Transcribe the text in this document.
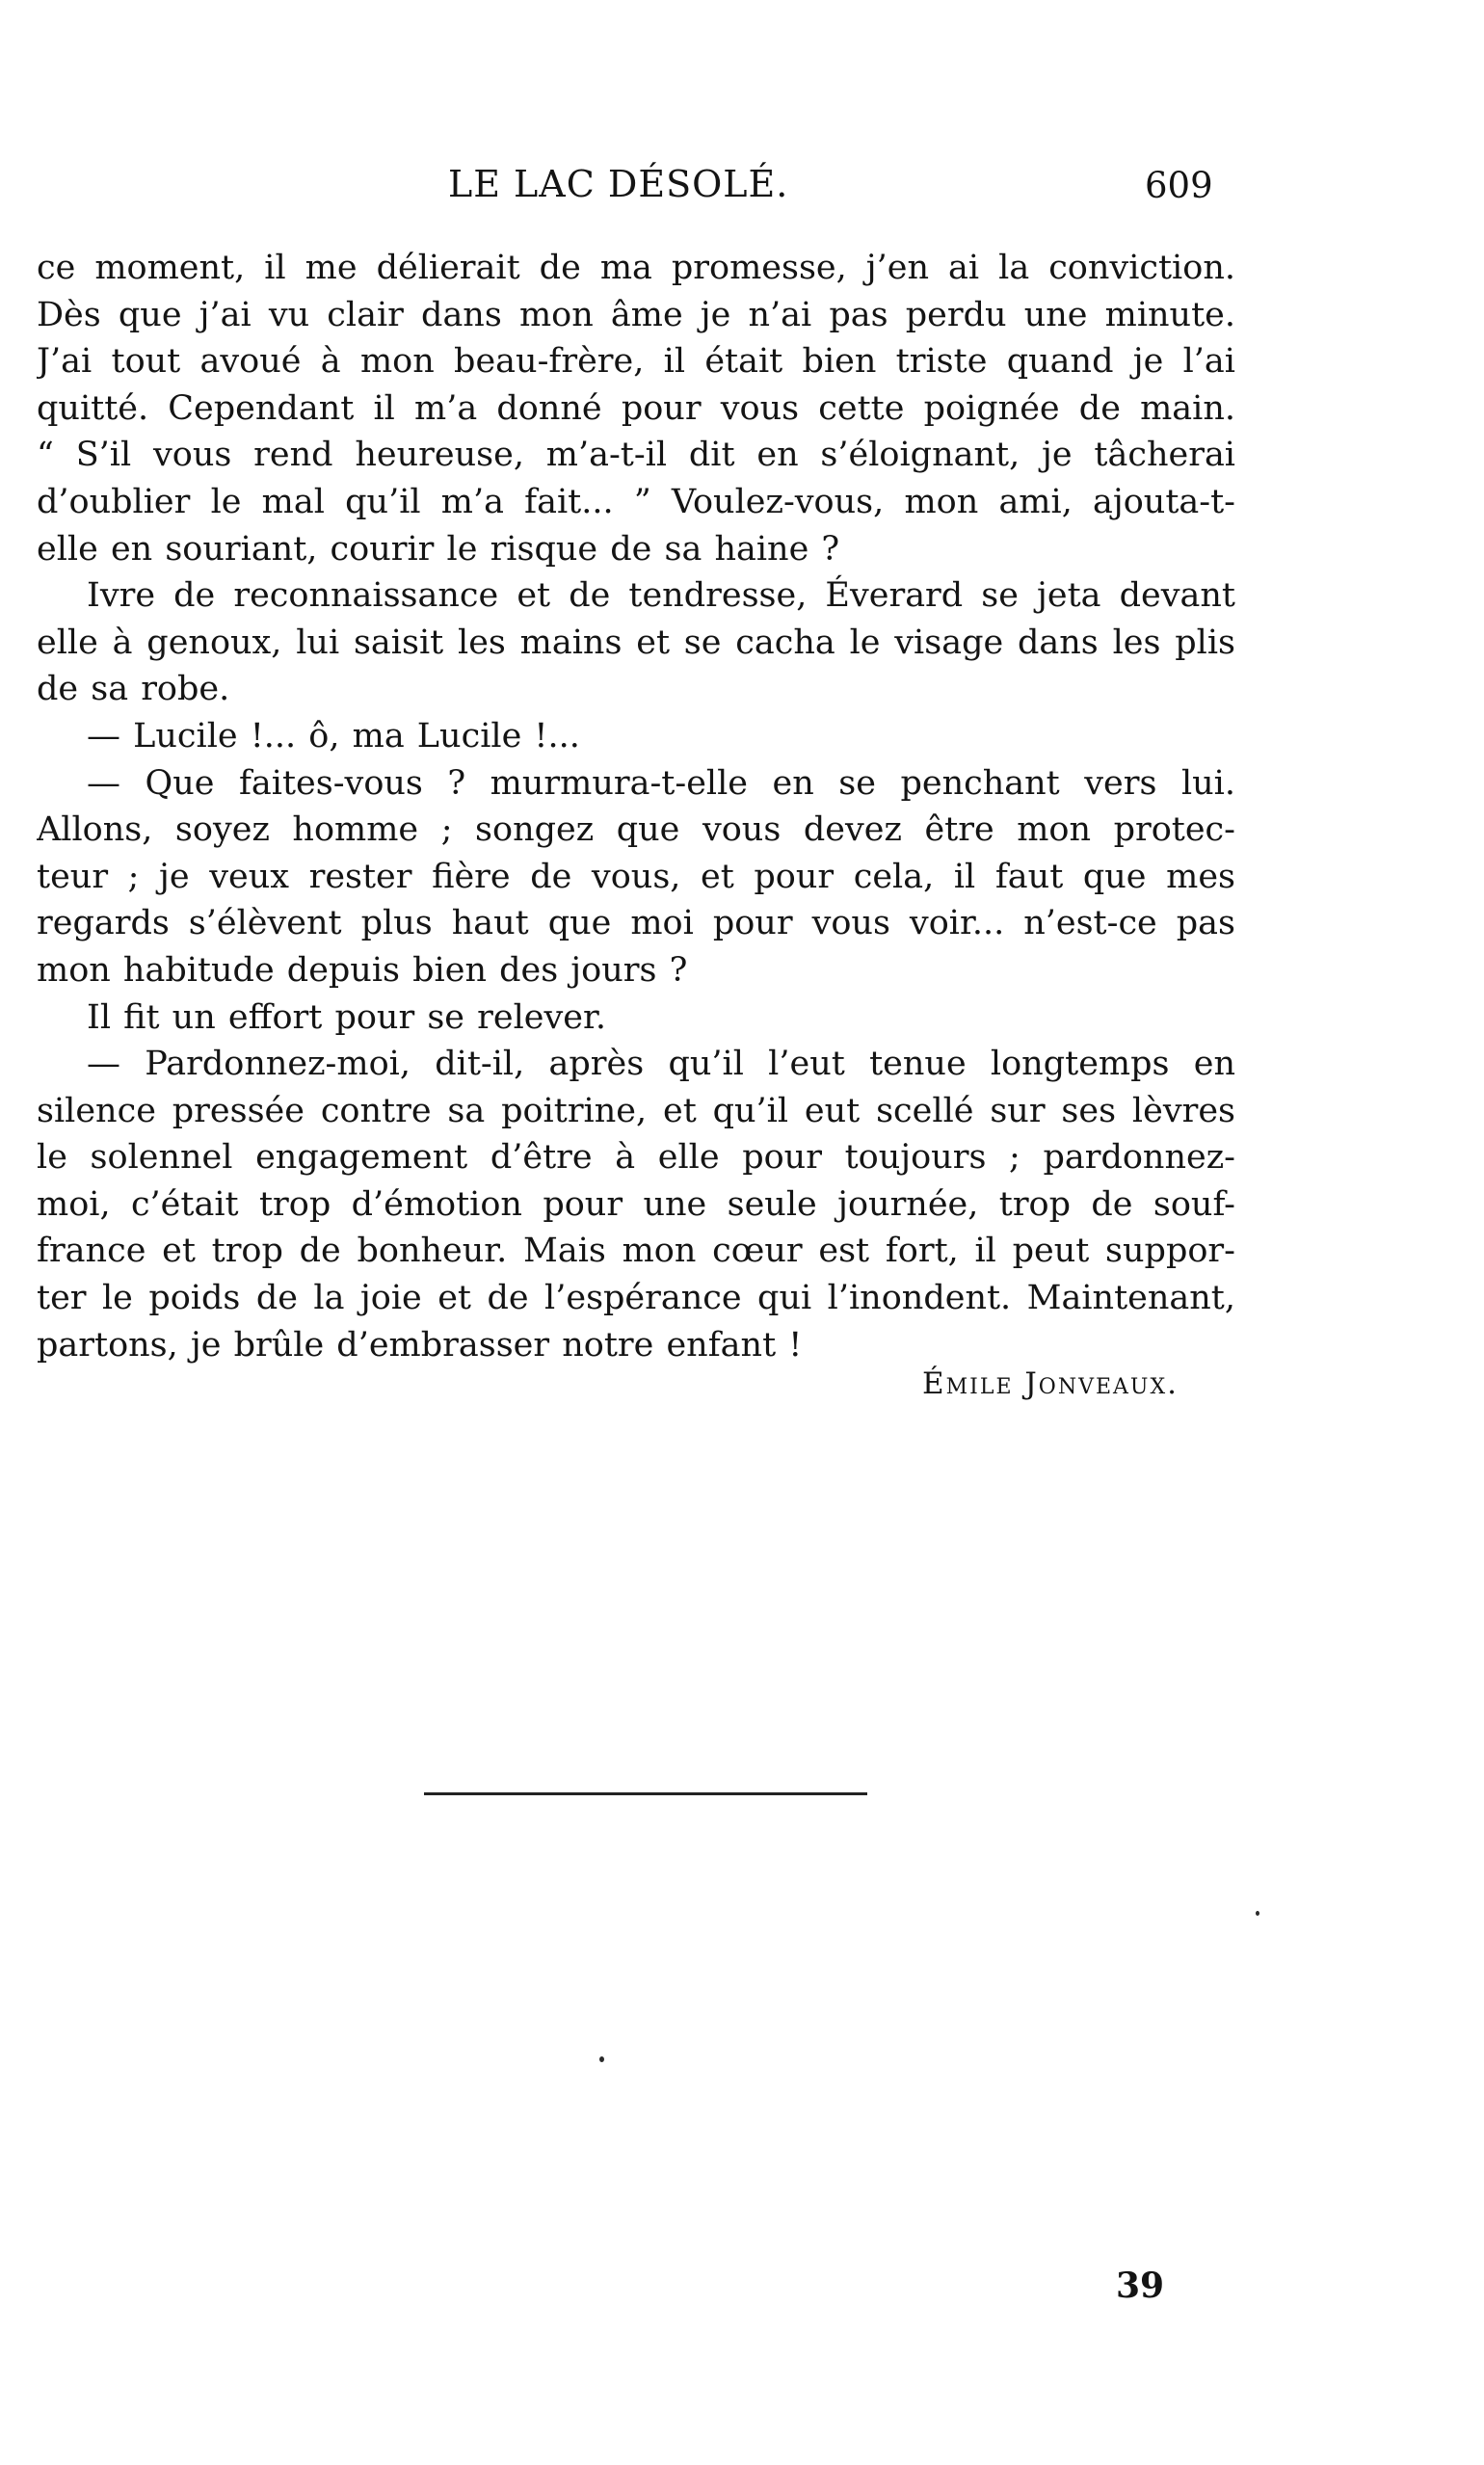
LE LAC DÉSOLÉ.	609
ce moment, il me délierait de ma promesse, j’en ai la conviction.
Dès que j’ai vu clair dans mon âme je n’ai pas perdu une minute.
J’ai tout avoué à mon beau-frère, il était bien triste quand je l’ai
quitté. Cependant il m’a donné pour vous cette poignée de main.
“ S’il vous rend heureuse, m’a-t-il dit en s’éloignant, je tâcherai
d’oublier le mal qu’il m’a fait... ” Voulez-vous, mon ami, ajouta-t-
elle en souriant, courir le risque de sa haine ?
Ivre de reconnaissance et de tendresse, Éverard se jeta devant
elle à genoux, lui saisit les mains et se cacha le visage dans les plis
de sa robe.
— Lucile !... ô, ma Lucile !...
— Que faites-vous ? murmura-t-elle en se penchant vers lui.
Allons, soyez homme ; songez que vous devez être mon protec-
teur ; je veux rester fière de vous, et pour cela, il faut que mes
regards s’élèvent plus haut que moi pour vous voir... n’est-ce pas
mon habitude depuis bien des jours ?
Il fit un effort pour se relever.
— Pardonnez-moi, dit-il, après qu’il l’eut tenue longtemps en
silence pressée contre sa poitrine, et qu’il eut scellé sur ses lèvres
le solennel engagement d’être à elle pour toujours ; pardonnez-
moi, c’était trop d’émotion pour une seule journée, trop de souf-
france et trop de bonheur. Mais mon cœur est fort, il peut suppor-
ter le poids de la joie et de l’espérance qui l’inondent. Maintenant,
partons, je brûle d’embrasser notre enfant !
Émile Jonveaux.
39
